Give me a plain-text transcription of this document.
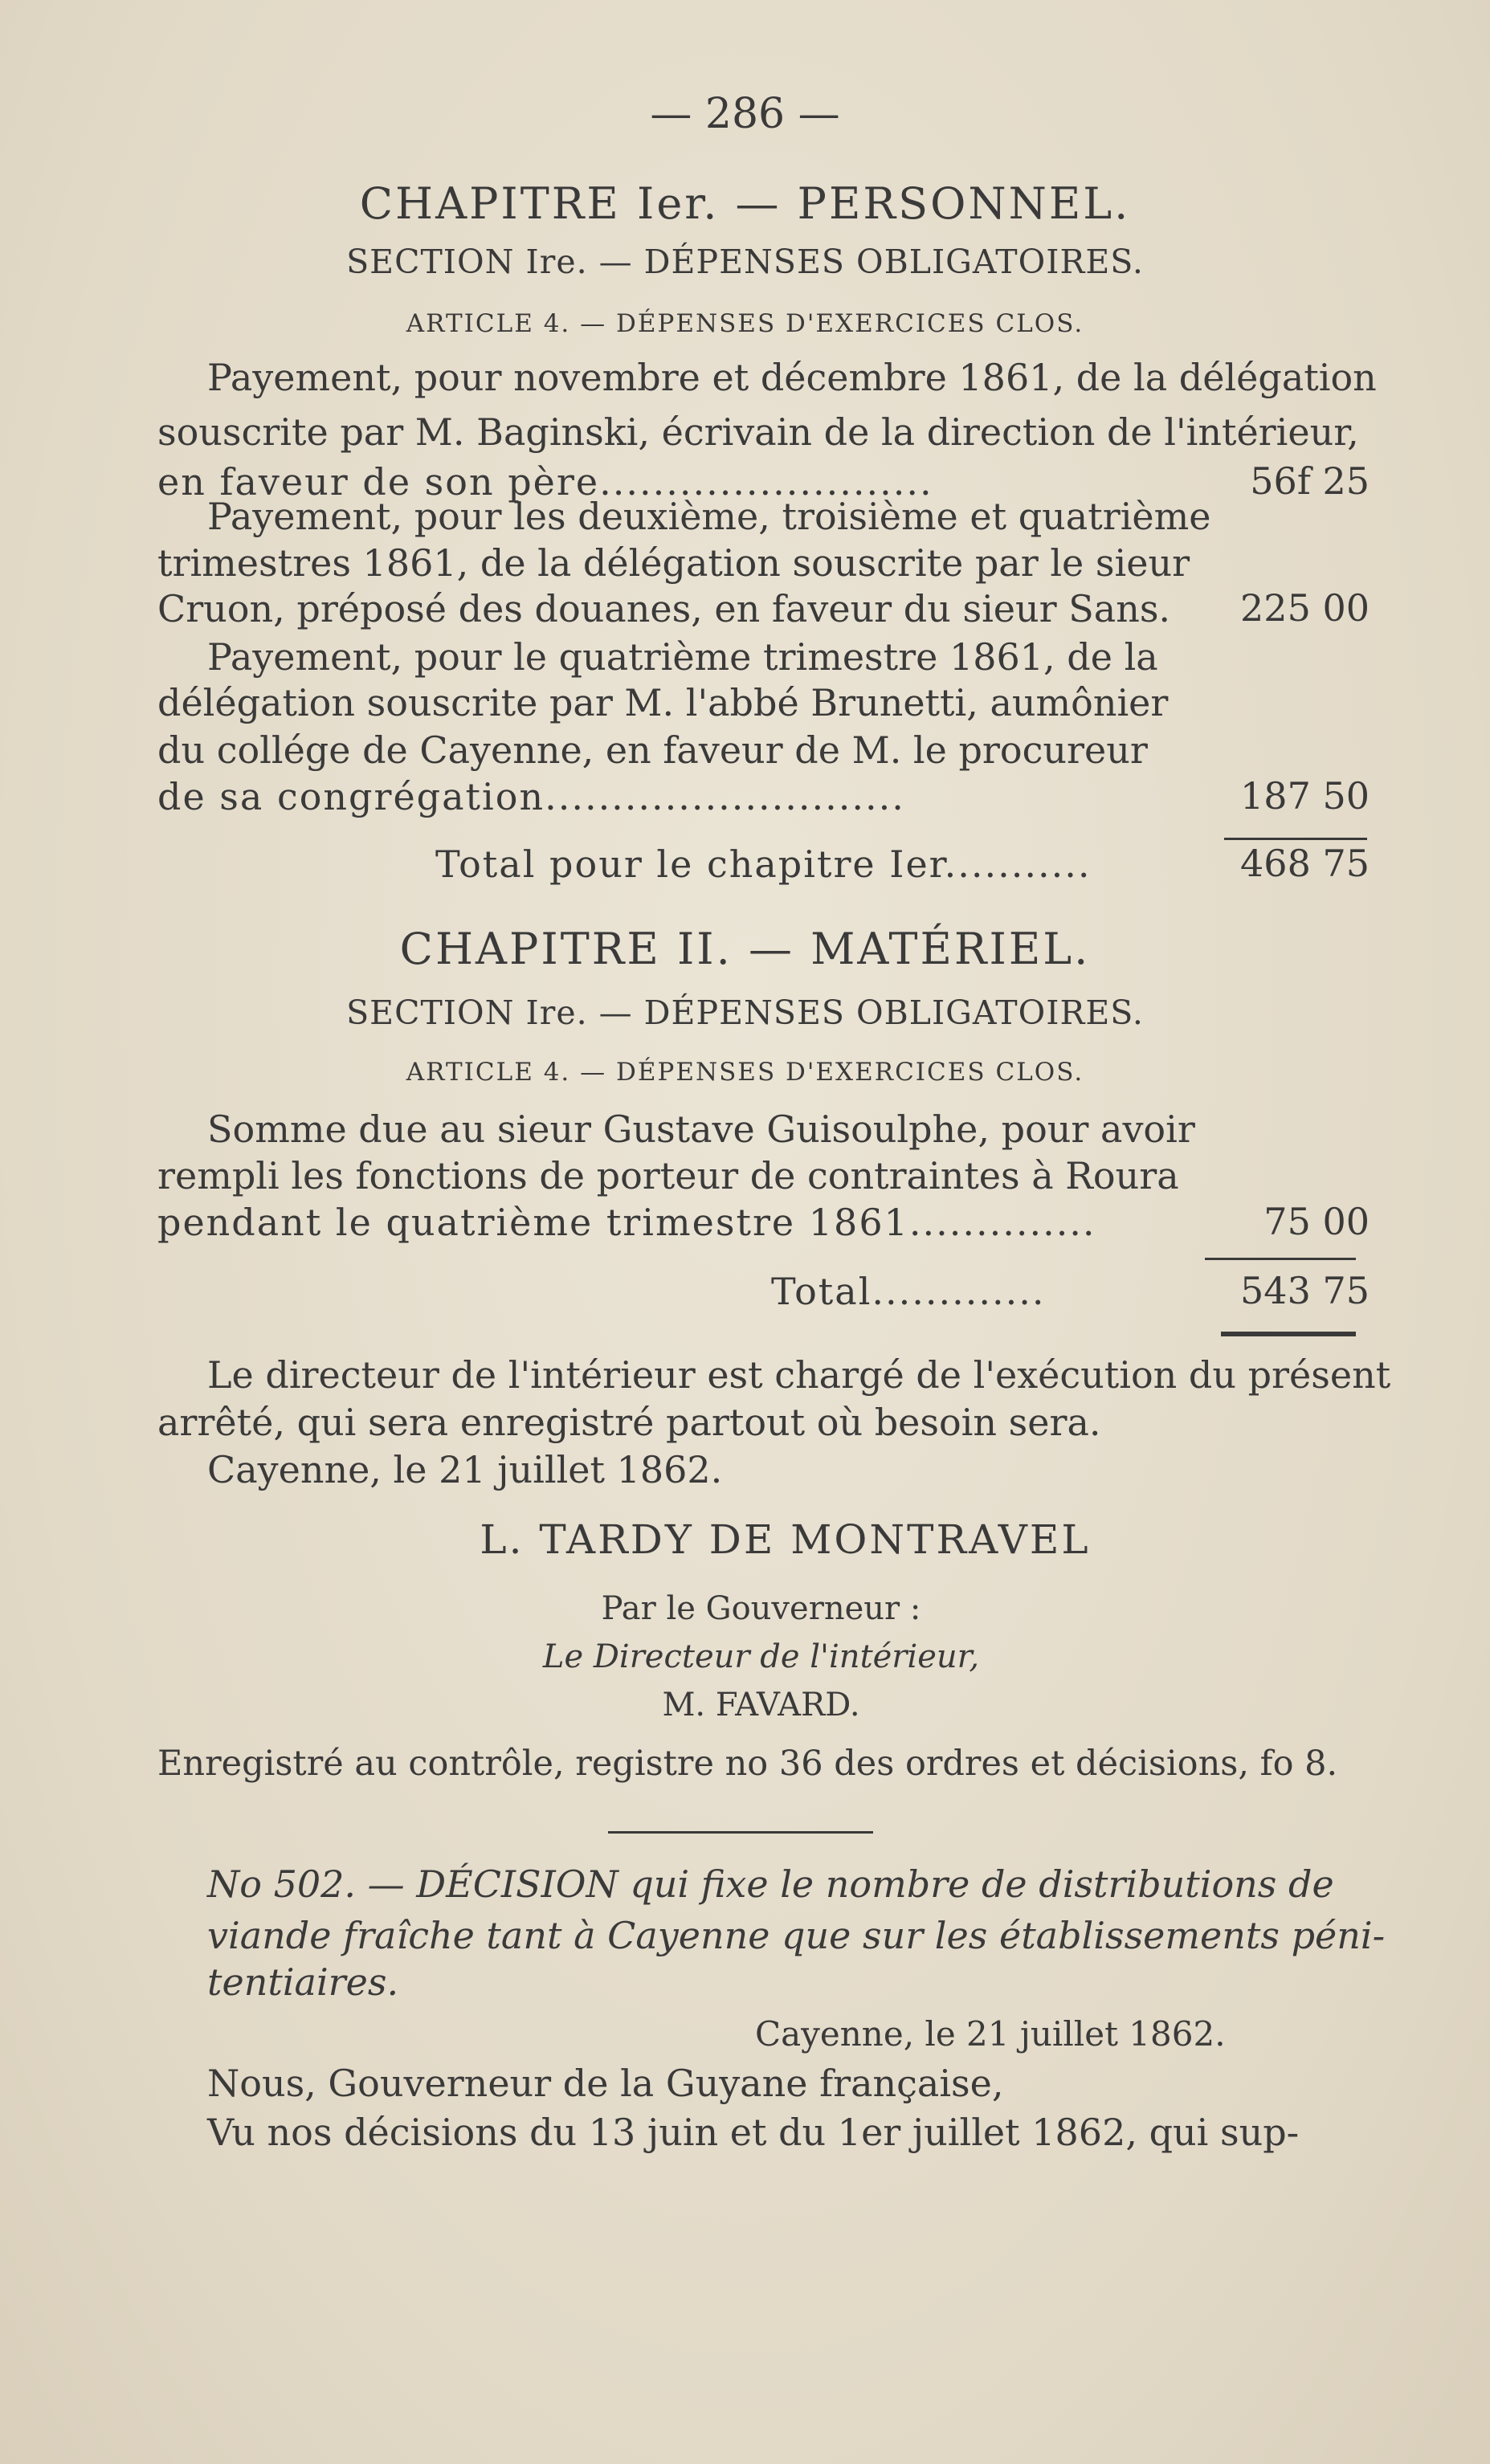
— 286 —
CHAPITRE Ier. — PERSONNEL.
SECTION Ire. — DÉPENSES OBLIGATOIRES.
ARTICLE 4. — DÉPENSES D'EXERCICES CLOS.
Payement, pour novembre et décembre 1861, de la délégation
souscrite par M. Baginski, écrivain de la direction de l'intérieur,
en faveur de son père.........................	56f 25
Payement, pour les deuxième, troisième et quatrième
trimestres 1861, de la délégation souscrite par le sieur
Cruon, préposé des douanes, en faveur du sieur Sans. 225 00
Payement, pour le quatrième trimestre 1861, de la
délégation souscrite par M. l'abbé Brunetti, aumônier
du collége de Cayenne, en faveur de M. le procureur
de sa congrégation...........................	187 50
Total pour le chapitre Ier...........	468 75
CHAPITRE II. — MATÉRIEL.
SECTION Ire. — DÉPENSES OBLIGATOIRES.
ARTICLE 4. — DÉPENSES D'EXERCICES CLOS.
Somme due au sieur Gustave Guisoulphe, pour avoir
rempli les fonctions de porteur de contraintes à Roura
pendant le quatrième trimestre 1861..............	75 00
Total.............	543 75
Le directeur de l'intérieur est chargé de l'exécution du présent
arrêté, qui sera enregistré partout où besoin sera.
Cayenne, le 21 juillet 1862.
L. TARDY DE MONTRAVEL
Par le Gouverneur :
Le Directeur de l'intérieur,
M. FAVARD.
Enregistré au contrôle, registre no 36 des ordres et décisions, fo 8.
No 502. — DÉCISION qui fixe le nombre de distributions de
viande fraîche tant à Cayenne que sur les établissements péni-
tentiaires.
Cayenne, le 21 juillet 1862.
Nous, Gouverneur de la Guyane française,
Vu nos décisions du 13 juin et du 1er juillet 1862, qui sup-
